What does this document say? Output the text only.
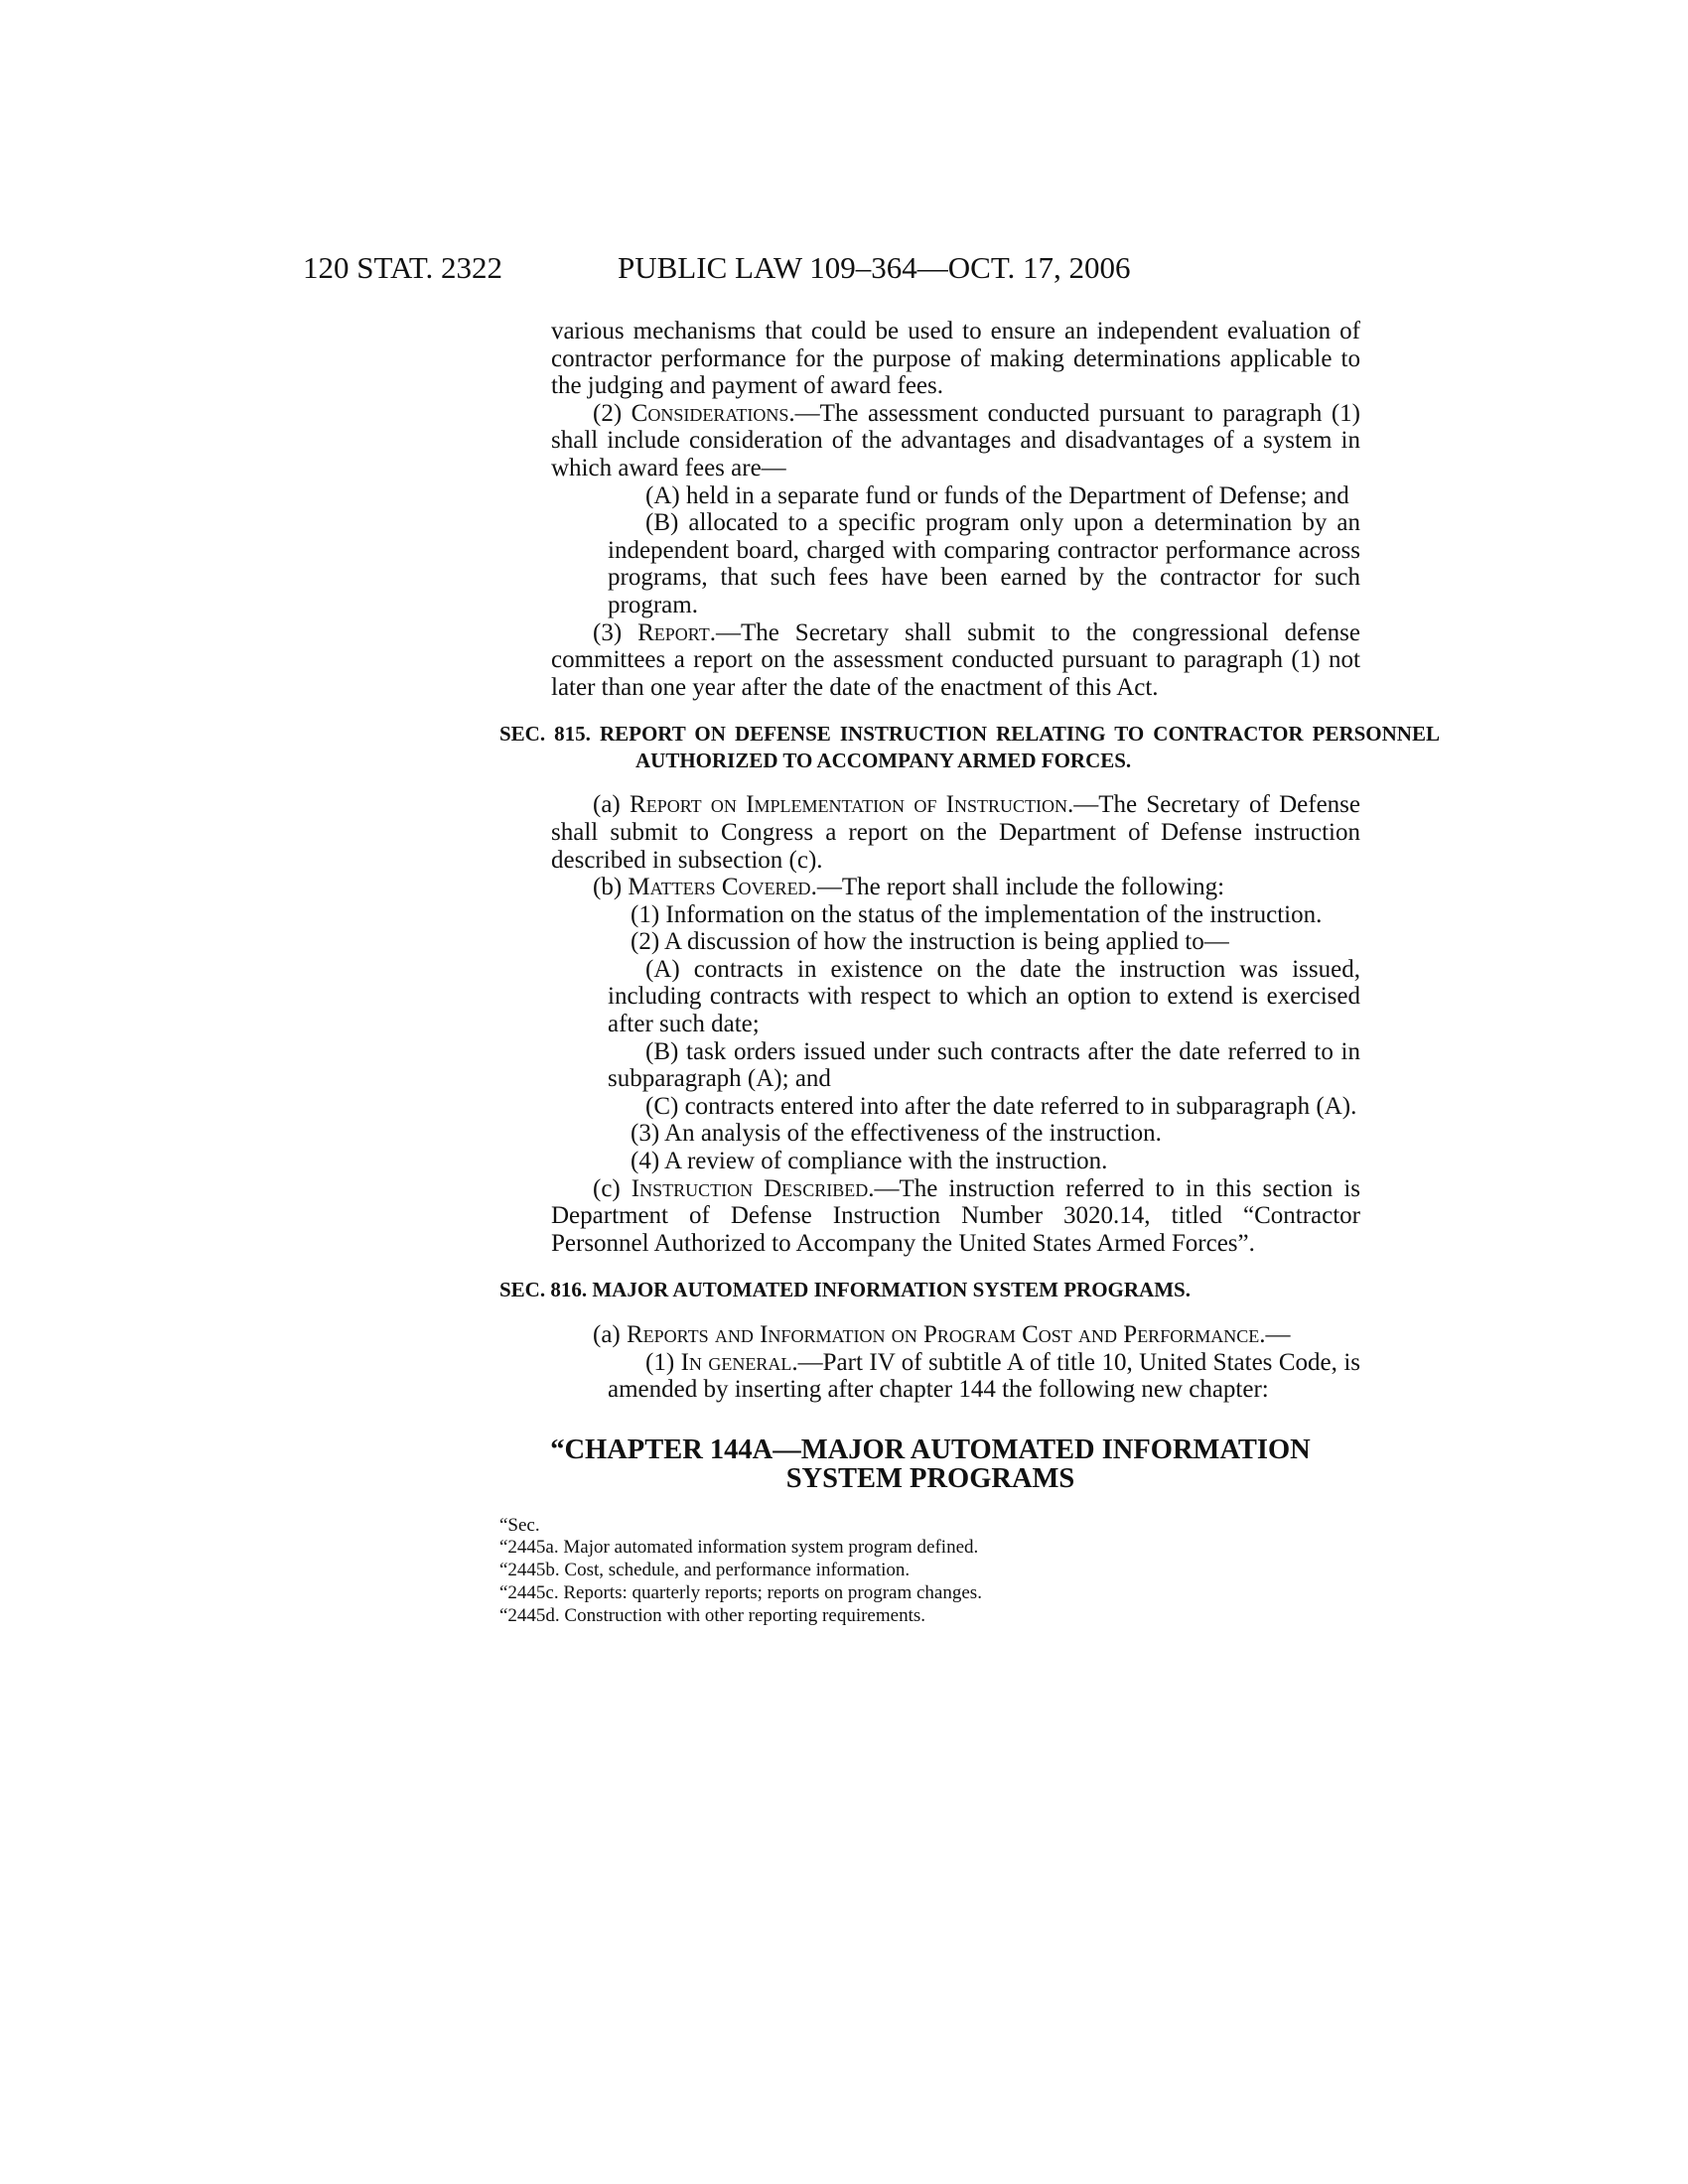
120 STAT. 2322	PUBLIC LAW 109–364—OCT. 17, 2006

various mechanisms that could be used to ensure an independent evaluation of contractor performance for the purpose of making determinations applicable to the judging and payment of award fees.

(2) Considerations.—The assessment conducted pursuant to paragraph (1) shall include consideration of the advantages and disadvantages of a system in which award fees are—

(A) held in a separate fund or funds of the Department of Defense; and

(B) allocated to a specific program only upon a determination by an independent board, charged with comparing contractor performance across programs, that such fees have been earned by the contractor for such program.

(3) Report.—The Secretary shall submit to the congressional defense committees a report on the assessment conducted pursuant to paragraph (1) not later than one year after the date of the enactment of this Act.

SEC. 815. REPORT ON DEFENSE INSTRUCTION RELATING TO CONTRACTOR PERSONNEL AUTHORIZED TO ACCOMPANY ARMED FORCES.

(a) Report on Implementation of Instruction.—The Secretary of Defense shall submit to Congress a report on the Department of Defense instruction described in subsection (c).

(b) Matters Covered.—The report shall include the following:

(1) Information on the status of the implementation of the instruction.

(2) A discussion of how the instruction is being applied to—

(A) contracts in existence on the date the instruction was issued, including contracts with respect to which an option to extend is exercised after such date;

(B) task orders issued under such contracts after the date referred to in subparagraph (A); and

(C) contracts entered into after the date referred to in subparagraph (A).

(3) An analysis of the effectiveness of the instruction.

(4) A review of compliance with the instruction.

(c) Instruction Described.—The instruction referred to in this section is Department of Defense Instruction Number 3020.14, titled “Contractor Personnel Authorized to Accompany the United States Armed Forces”.

SEC. 816. MAJOR AUTOMATED INFORMATION SYSTEM PROGRAMS.

(a) Reports and Information on Program Cost and Performance.—

(1) In general.—Part IV of subtitle A of title 10, United States Code, is amended by inserting after chapter 144 the following new chapter:

“CHAPTER 144A—MAJOR AUTOMATED INFORMATION
SYSTEM PROGRAMS
“Sec.
“2445a. Major automated information system program defined.
“2445b. Cost, schedule, and performance information.
“2445c. Reports: quarterly reports; reports on program changes.
“2445d. Construction with other reporting requirements.
